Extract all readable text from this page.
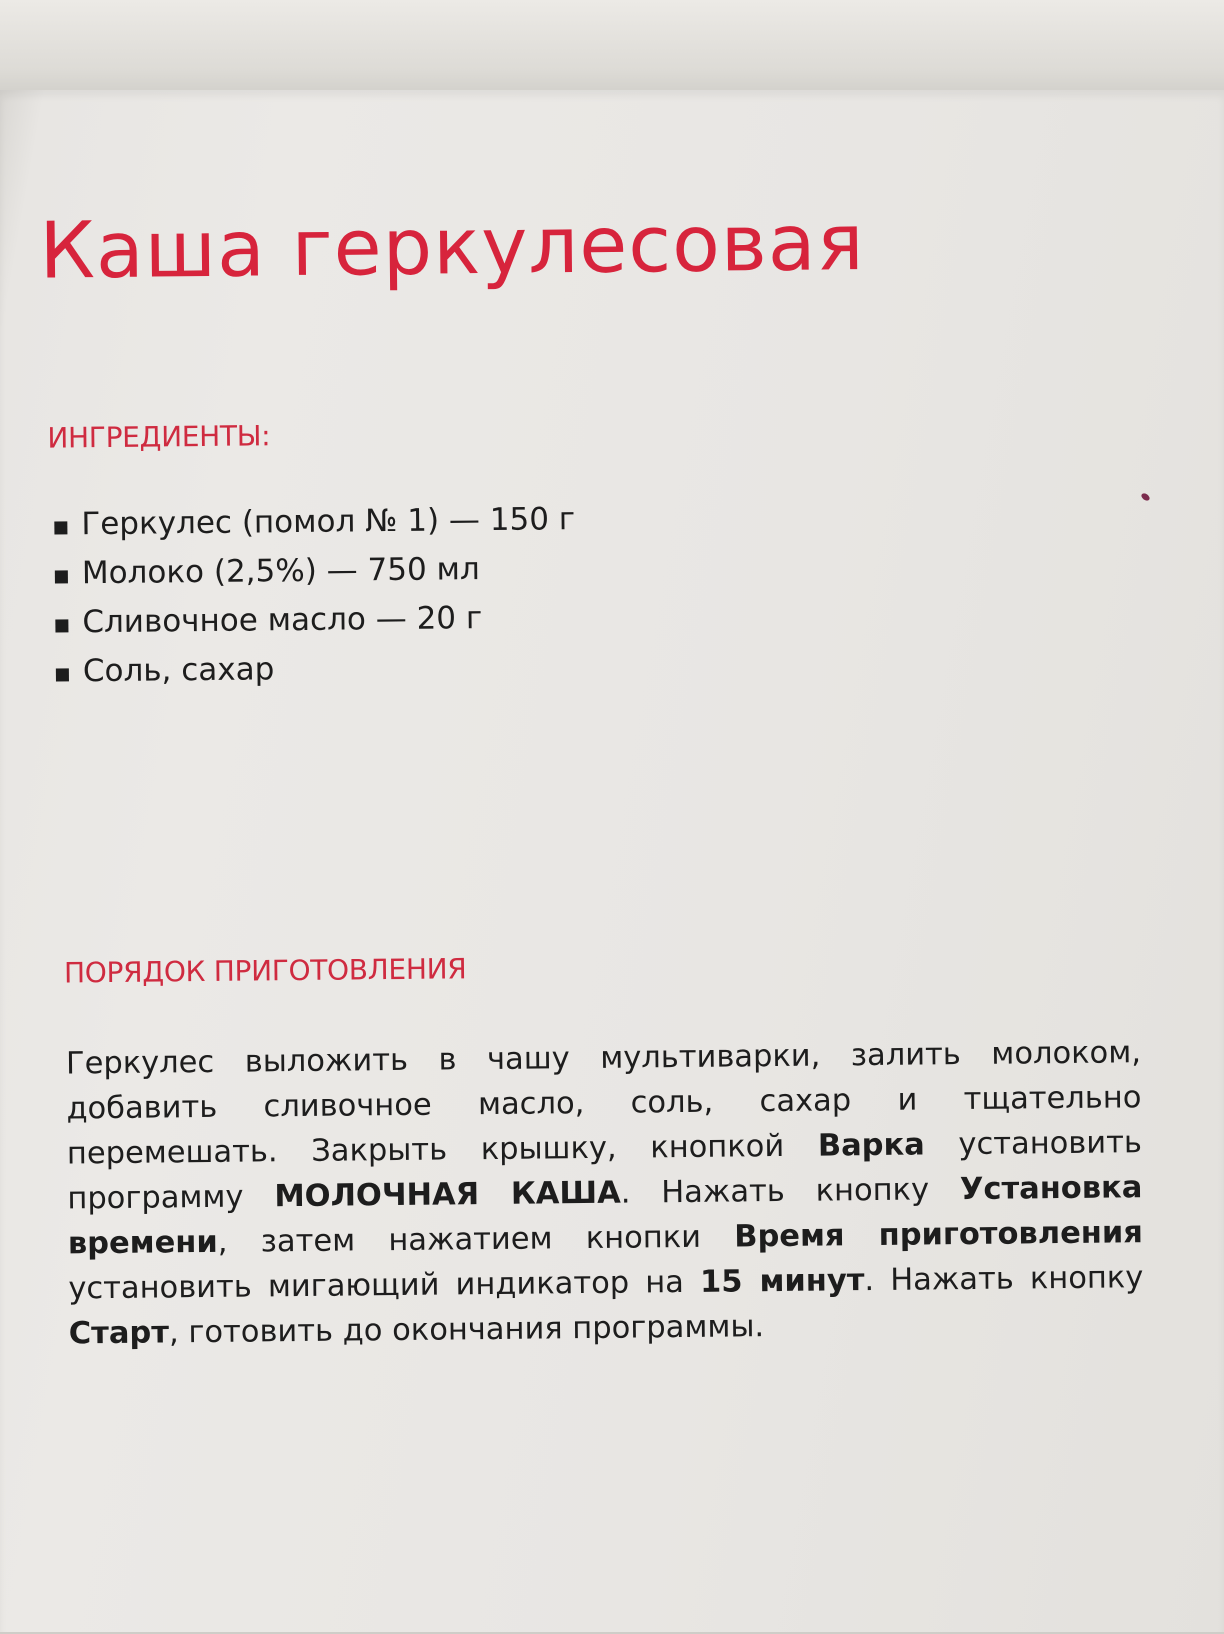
Каша геркулесовая
ИНГРЕДИЕНТЫ:
Геркулес (помол № 1) — 150 г
Молоко (2,5%) — 750 мл
Сливочное масло — 20 г
Соль, сахар
ПОРЯДОК ПРИГОТОВЛЕНИЯ

Геркулес выложить в чашу мультиварки, залить молоком, добавить сливочное масло, соль, сахар и тщательно перемешать. Закрыть крышку, кнопкой Варка установить программу МОЛОЧНАЯ КАША. Нажать кнопку Установка времени, затем нажатием кнопки Время приготовления установить мигающий индикатор на 15 минут. Нажать кнопку Старт, готовить до окончания программы.
